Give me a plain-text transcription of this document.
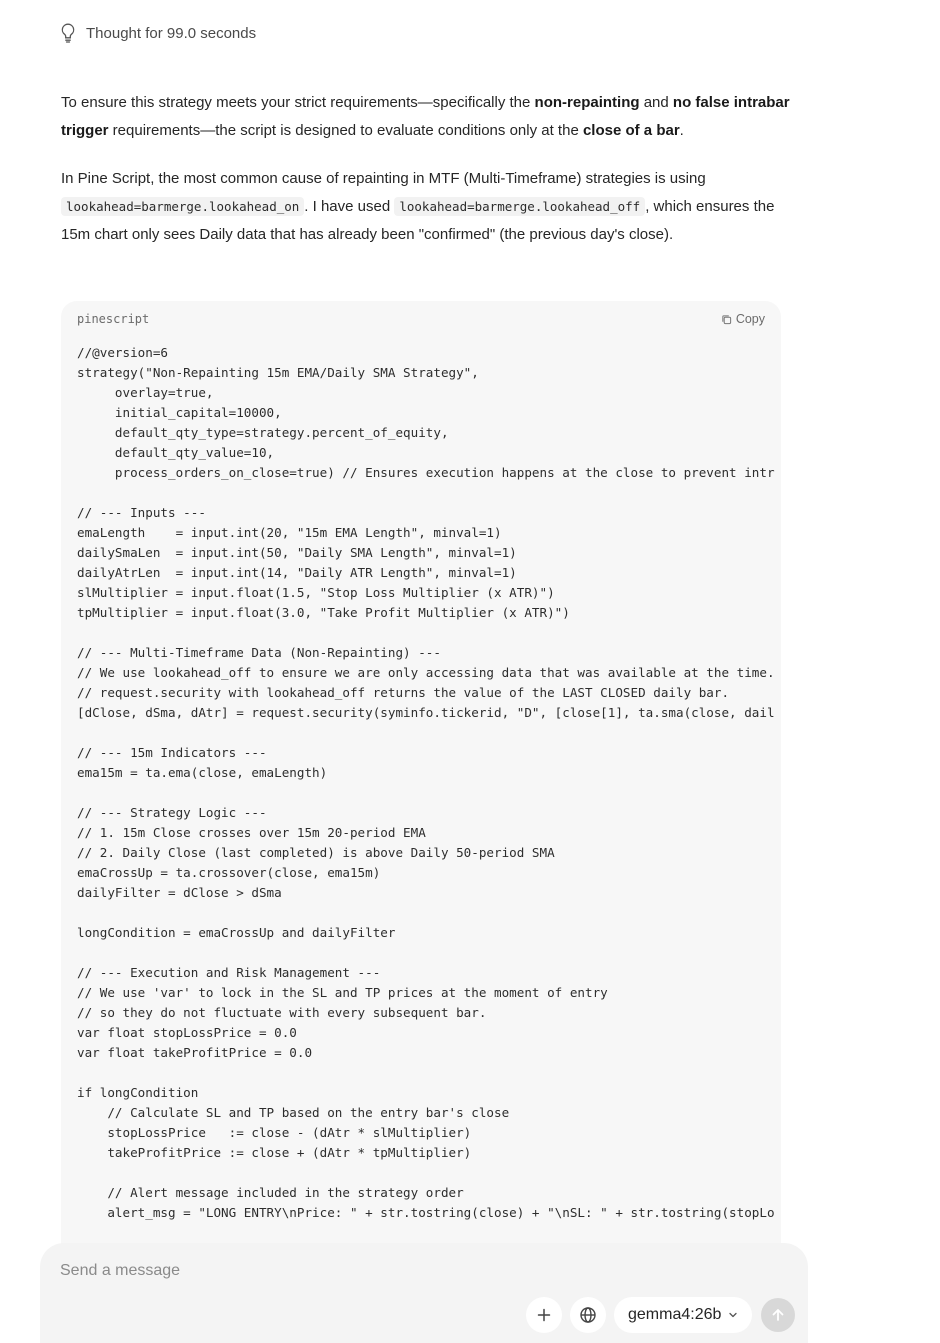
Thought for 99.0 seconds
To ensure this strategy meets your strict requirements—specifically the non-repainting and no false intrabar trigger requirements—the script is designed to evaluate conditions only at the close of a bar.
In Pine Script, the most common cause of repainting in MTF (Multi-Timeframe) strategies is using lookahead=barmerge.lookahead_on . I have used lookahead=barmerge.lookahead_off , which ensures the 15m chart only sees Daily data that has already been "confirmed" (the previous day's close).
pinescript	Copy
//@version=6
strategy("Non-Repainting 15m EMA/Daily SMA Strategy",
overlay=true,
initial_capital=10000,
default_qty_type=strategy.percent_of_equity,
default_qty_value=10,
process_orders_on_close=true) // Ensures execution happens at the close to prevent intr
// --- Inputs ---
emaLength    = input.int(20, "15m EMA Length", minval=1)
dailySmaLen  = input.int(50, "Daily SMA Length", minval=1)
dailyAtrLen  = input.int(14, "Daily ATR Length", minval=1)
slMultiplier = input.float(1.5, "Stop Loss Multiplier (x ATR)")
tpMultiplier = input.float(3.0, "Take Profit Multiplier (x ATR)")
// --- Multi-Timeframe Data (Non-Repainting) ---
// We use lookahead_off to ensure we are only accessing data that was available at the time.
// request.security with lookahead_off returns the value of the LAST CLOSED daily bar.
[dClose, dSma, dAtr] = request.security(syminfo.tickerid, "D", [close[1], ta.sma(close, dail
// --- 15m Indicators ---
ema15m = ta.ema(close, emaLength)
// --- Strategy Logic ---
// 1. 15m Close crosses over 15m 20-period EMA
// 2. Daily Close (last completed) is above Daily 50-period SMA
emaCrossUp = ta.crossover(close, ema15m)
dailyFilter = dClose > dSma
longCondition = emaCrossUp and dailyFilter
// --- Execution and Risk Management ---
// We use 'var' to lock in the SL and TP prices at the moment of entry
// so they do not fluctuate with every subsequent bar.
var float stopLossPrice = 0.0
var float takeProfitPrice = 0.0
if longCondition
// Calculate SL and TP based on the entry bar's close
stopLossPrice   := close - (dAtr * slMultiplier)
takeProfitPrice := close + (dAtr * tpMultiplier)
// Alert message included in the strategy order
alert_msg = "LONG ENTRY\nPrice: " + str.tostring(close) + "\nSL: " + str.tostring(stopLo
Send a message
gemma4:26b
